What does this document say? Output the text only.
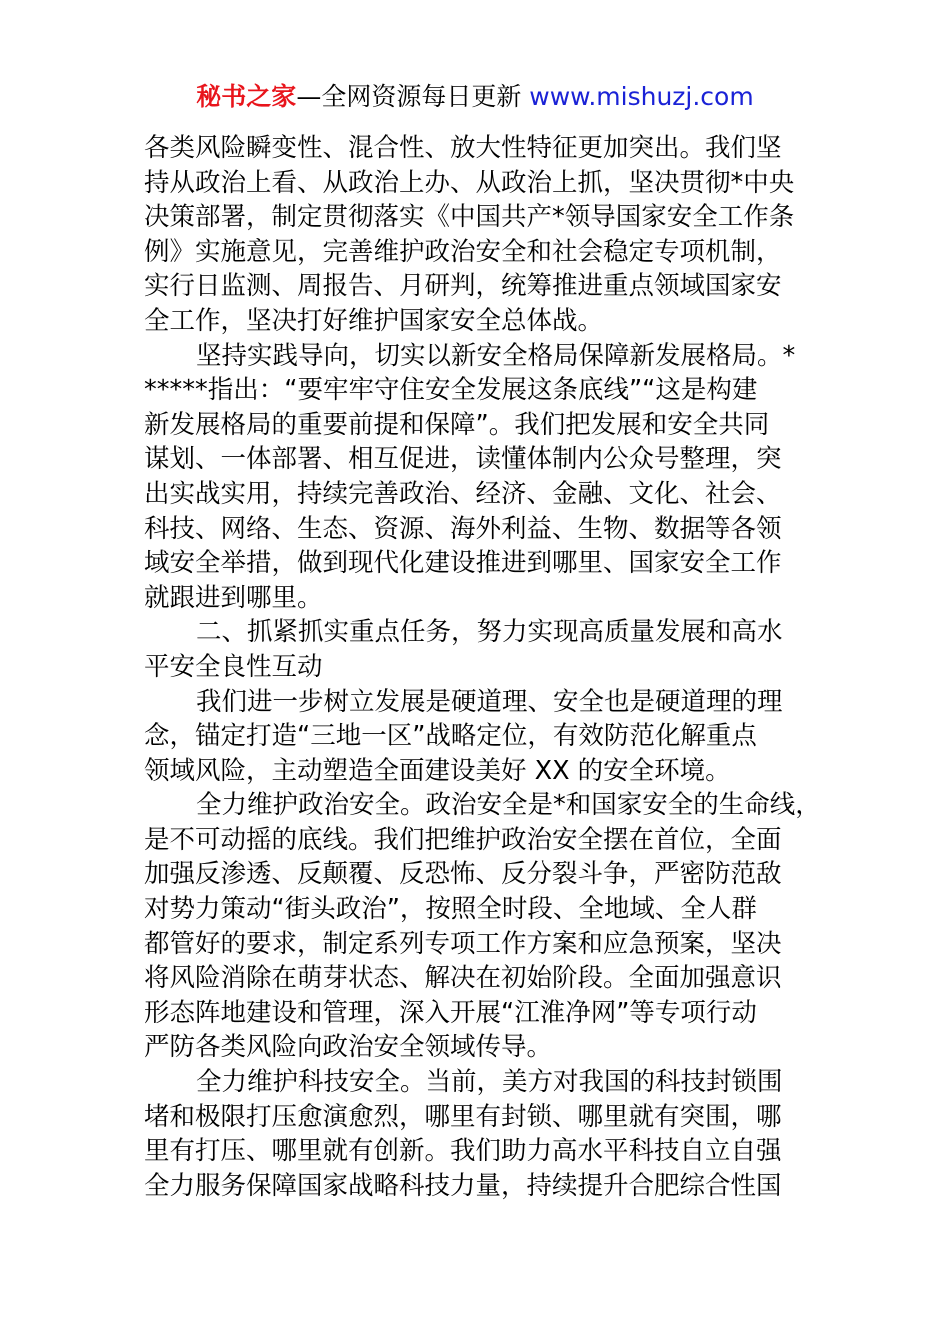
秘书之家—全网资源每日更新 www.mishuzj.com
各类风险瞬变性、混合性、放大性特征更加突出。我们坚
持从政治上看、从政治上办、从政治上抓，坚决贯彻*中央
决策部署，制定贯彻落实《中国共产*领导国家安全工作条
例》实施意见，完善维护政治安全和社会稳定专项机制，
实行日监测、周报告、月研判，统筹推进重点领域国家安
全工作，坚决打好维护国家安全总体战。
坚持实践导向，切实以新安全格局保障新发展格局。*
*****指出：“要牢牢守住安全发展这条底线”“这是构建
新发展格局的重要前提和保障”。我们把发展和安全共同
谋划、一体部署、相互促进，读懂体制内公众号整理，突
出实战实用，持续完善政治、经济、金融、文化、社会、
科技、网络、生态、资源、海外利益、生物、数据等各领
域安全举措，做到现代化建设推进到哪里、国家安全工作
就跟进到哪里。
二、抓紧抓实重点任务，努力实现高质量发展和高水
平安全良性互动
我们进一步树立发展是硬道理、安全也是硬道理的理
念，锚定打造“三地一区”战略定位，有效防范化解重点
领域风险，主动塑造全面建设美好 XX 的安全环境。
全力维护政治安全。政治安全是*和国家安全的生命线，
是不可动摇的底线。我们把维护政治安全摆在首位，全面
加强反渗透、反颠覆、反恐怖、反分裂斗争，严密防范敌
对势力策动“街头政治”，按照全时段、全地域、全人群
都管好的要求，制定系列专项工作方案和应急预案，坚决
将风险消除在萌芽状态、解决在初始阶段。全面加强意识
形态阵地建设和管理，深入开展“江淮净网”等专项行动
严防各类风险向政治安全领域传导。
全力维护科技安全。当前，美方对我国的科技封锁围
堵和极限打压愈演愈烈，哪里有封锁、哪里就有突围，哪
里有打压、哪里就有创新。我们助力高水平科技自立自强
全力服务保障国家战略科技力量，持续提升合肥综合性国
